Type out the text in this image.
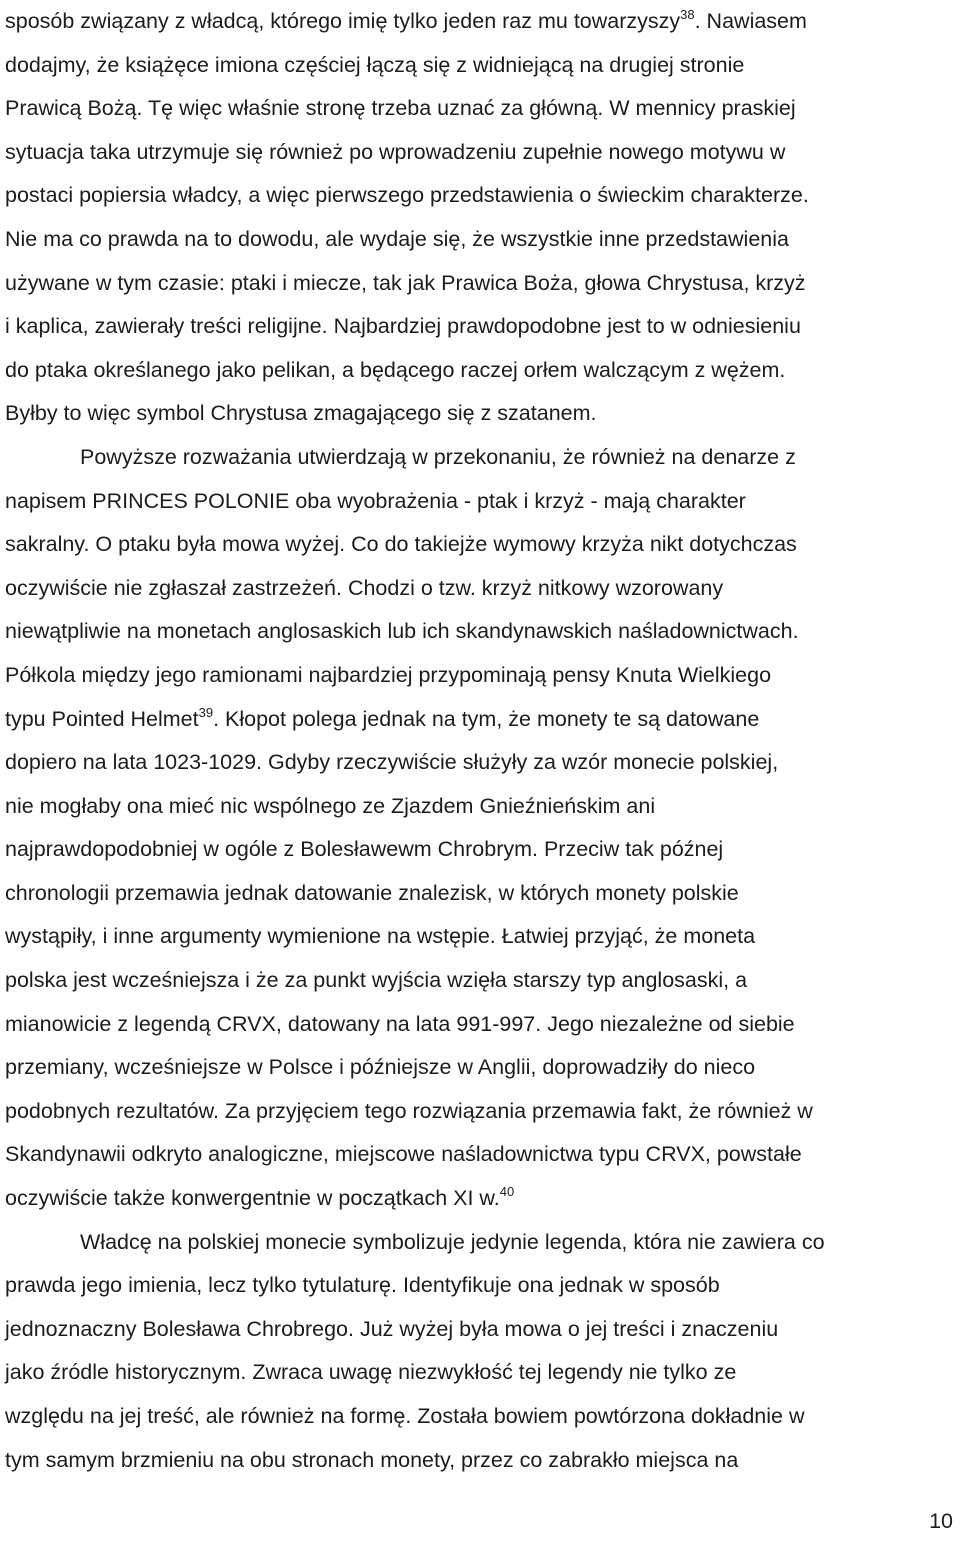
sposób związany z władcą, którego imię tylko jeden raz mu towarzyszy$^{38}$. Nawiasem
dodajmy, że książęce imiona częściej łączą się z widniejącą na drugiej stronie
Prawicą Bożą. Tę więc właśnie stronę trzeba uznać za główną. W mennicy praskiej
sytuacja taka utrzymuje się również po wprowadzeniu zupełnie nowego motywu w
postaci popiersia władcy, a więc pierwszego przedstawienia o świeckim charakterze.
Nie ma co prawda na to dowodu, ale wydaje się, że wszystkie inne przedstawienia
używane w tym czasie: ptaki i miecze, tak jak Prawica Boża, głowa Chrystusa, krzyż
i kaplica, zawierały treści religijne. Najbardziej prawdopodobne jest to w odniesieniu
do ptaka określanego jako pelikan, a będącego raczej orłem walczącym z wężem.
Byłby to więc symbol Chrystusa zmagającego się z szatanem.
Powyższe rozważania utwierdzają w przekonaniu, że również na denarze z
napisem PRINCES POLONIE oba wyobrażenia - ptak i krzyż - mają charakter
sakralny. O ptaku była mowa wyżej. Co do takiejże wymowy krzyża nikt dotychczas
oczywiście nie zgłaszał zastrzeżeń. Chodzi o tzw. krzyż nitkowy wzorowany
niewątpliwie na monetach anglosaskich lub ich skandynawskich naśladownictwach.
Półkola między jego ramionami najbardziej przypominają pensy Knuta Wielkiego
typu Pointed Helmet$^{39}$. Kłopot polega jednak na tym, że monety te są datowane
dopiero na lata 1023-1029. Gdyby rzeczywiście służyły za wzór monecie polskiej,
nie mogłaby ona mieć nic wspólnego ze Zjazdem Gnieźnieńskim ani
najprawdopodobniej w ogóle z Bolesławewm Chrobrym. Przeciw tak późnej
chronologii przemawia jednak datowanie znalezisk, w których monety polskie
wystąpiły, i inne argumenty wymienione na wstępie. Łatwiej przyjąć, że moneta
polska jest wcześniejsza i że za punkt wyjścia wzięła starszy typ anglosaski, a
mianowicie z legendą CRVX, datowany na lata 991-997. Jego niezależne od siebie
przemiany, wcześniejsze w Polsce i późniejsze w Anglii, doprowadziły do nieco
podobnych rezultatów. Za przyjęciem tego rozwiązania przemawia fakt, że również w
Skandynawii odkryto analogiczne, miejscowe naśladownictwa typu CRVX, powstałe
oczywiście także konwergentnie w początkach XI w.$^{40}$
Władcę na polskiej monecie symbolizuje jedynie legenda, która nie zawiera co
prawda jego imienia, lecz tylko tytulaturę. Identyfikuje ona jednak w sposób
jednoznaczny Bolesława Chrobrego. Już wyżej była mowa o jej treści i znaczeniu
jako źródle historycznym. Zwraca uwagę niezwykłość tej legendy nie tylko ze
względu na jej treść, ale również na formę. Została bowiem powtórzona dokładnie w
tym samym brzmieniu na obu stronach monety, przez co zabrakło miejsca na
10
